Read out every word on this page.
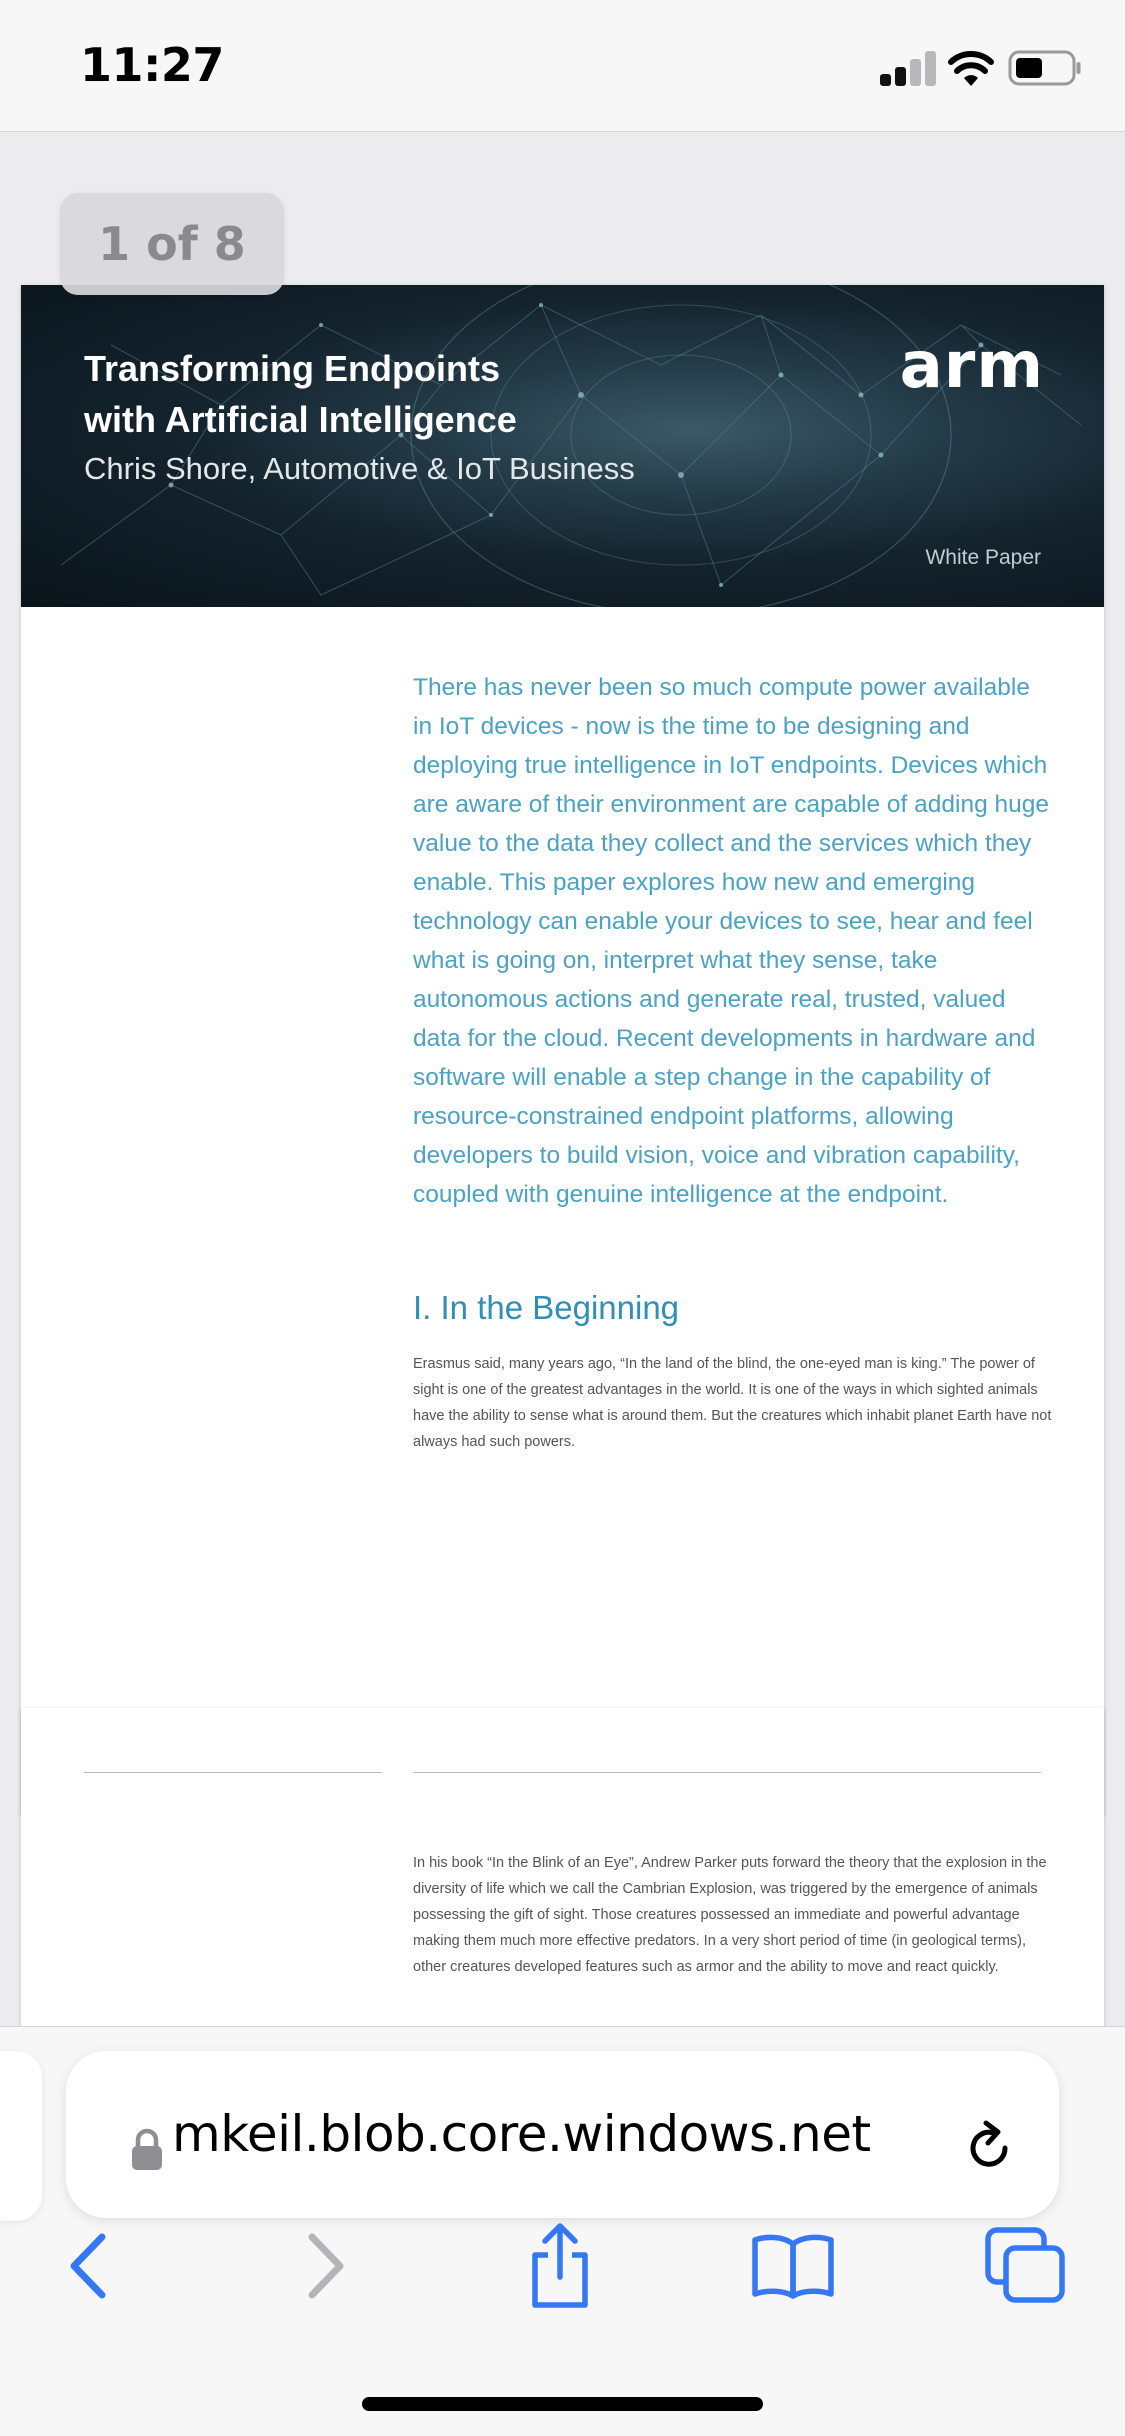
11:27
1 of 8
Transforming Endpoints
with Artificial Intelligence
Chris Shore, Automotive & IoT Business
arm
White Paper
There has never been so much compute power available in IoT devices - now is the time to be designing and deploying true intelligence in IoT endpoints. Devices which are aware of their environment are capable of adding huge value to the data they collect and the services which they enable. This paper explores how new and emerging technology can enable your devices to see, hear and feel what is going on, interpret what they sense, take autonomous actions and generate real, trusted, valued data for the cloud. Recent developments in hardware and software will enable a step change in the capability of resource-constrained endpoint platforms, allowing developers to build vision, voice and vibration capability, coupled with genuine intelligence at the endpoint.
I. In the Beginning
Erasmus said, many years ago, “In the land of the blind, the one-eyed man is king.” The power of sight is one of the greatest advantages in the world. It is one of the ways in which sighted animals have the ability to sense what is around them. But the creatures which inhabit planet Earth have not always had such powers.
In his book “In the Blink of an Eye”, Andrew Parker puts forward the theory that the explosion in the diversity of life which we call the Cambrian Explosion, was triggered by the emergence of animals possessing the gift of sight. Those creatures possessed an immediate and powerful advantage making them much more effective predators. In a very short period of time (in geological terms), other creatures developed features such as armor and the ability to move and react quickly.
mkeil.blob.core.windows.net
